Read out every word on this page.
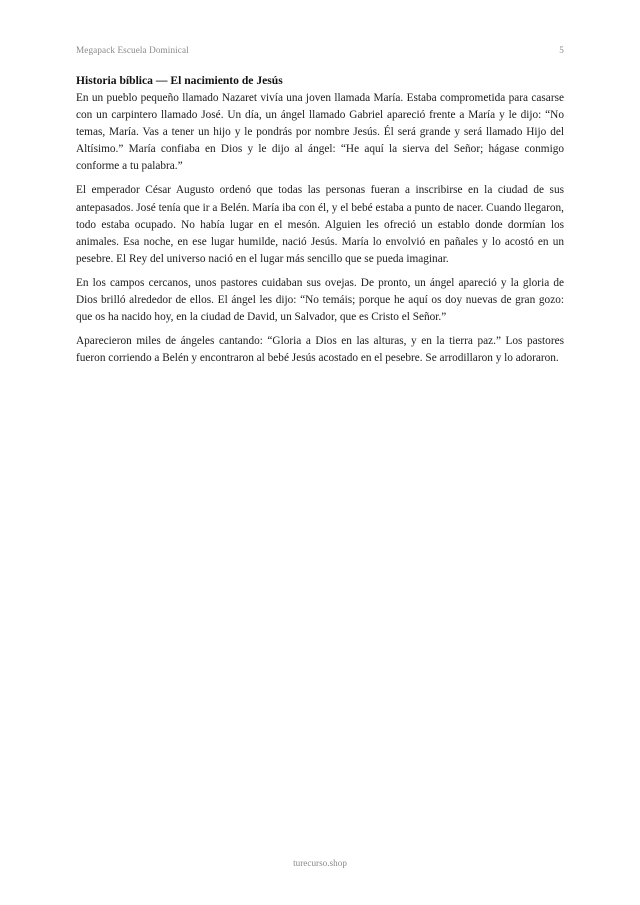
Megapack Escuela Dominical	5
Historia bíblica — El nacimiento de Jesús

En un pueblo pequeño llamado Nazaret vivía una joven llamada María. Estaba comprometida para casarse con un carpintero llamado José. Un día, un ángel llamado Gabriel apareció frente a María y le dijo: “No temas, María. Vas a tener un hijo y le pondrás por nombre Jesús. Él será grande y será llamado Hijo del Altísimo.” María confiaba en Dios y le dijo al ángel: “He aquí la sierva del Señor; hágase conmigo conforme a tu palabra.”

El emperador César Augusto ordenó que todas las personas fueran a inscribirse en la ciudad de sus antepasados. José tenía que ir a Belén. María iba con él, y el bebé estaba a punto de nacer. Cuando llegaron, todo estaba ocupado. No había lugar en el mesón. Alguien les ofreció un establo donde dormían los animales. Esa noche, en ese lugar humilde, nació Jesús. María lo envolvió en pañales y lo acostó en un pesebre. El Rey del universo nació en el lugar más sencillo que se pueda imaginar.

En los campos cercanos, unos pastores cuidaban sus ovejas. De pronto, un ángel apareció y la gloria de Dios brilló alrededor de ellos. El ángel les dijo: “No temáis; porque he aquí os doy nuevas de gran gozo: que os ha nacido hoy, en la ciudad de David, un Salvador, que es Cristo el Señor.”

Aparecieron miles de ángeles cantando: “Gloria a Dios en las alturas, y en la tierra paz.” Los pastores fueron corriendo a Belén y encontraron al bebé Jesús acostado en el pesebre. Se arrodillaron y lo adoraron.

turecurso.shop
